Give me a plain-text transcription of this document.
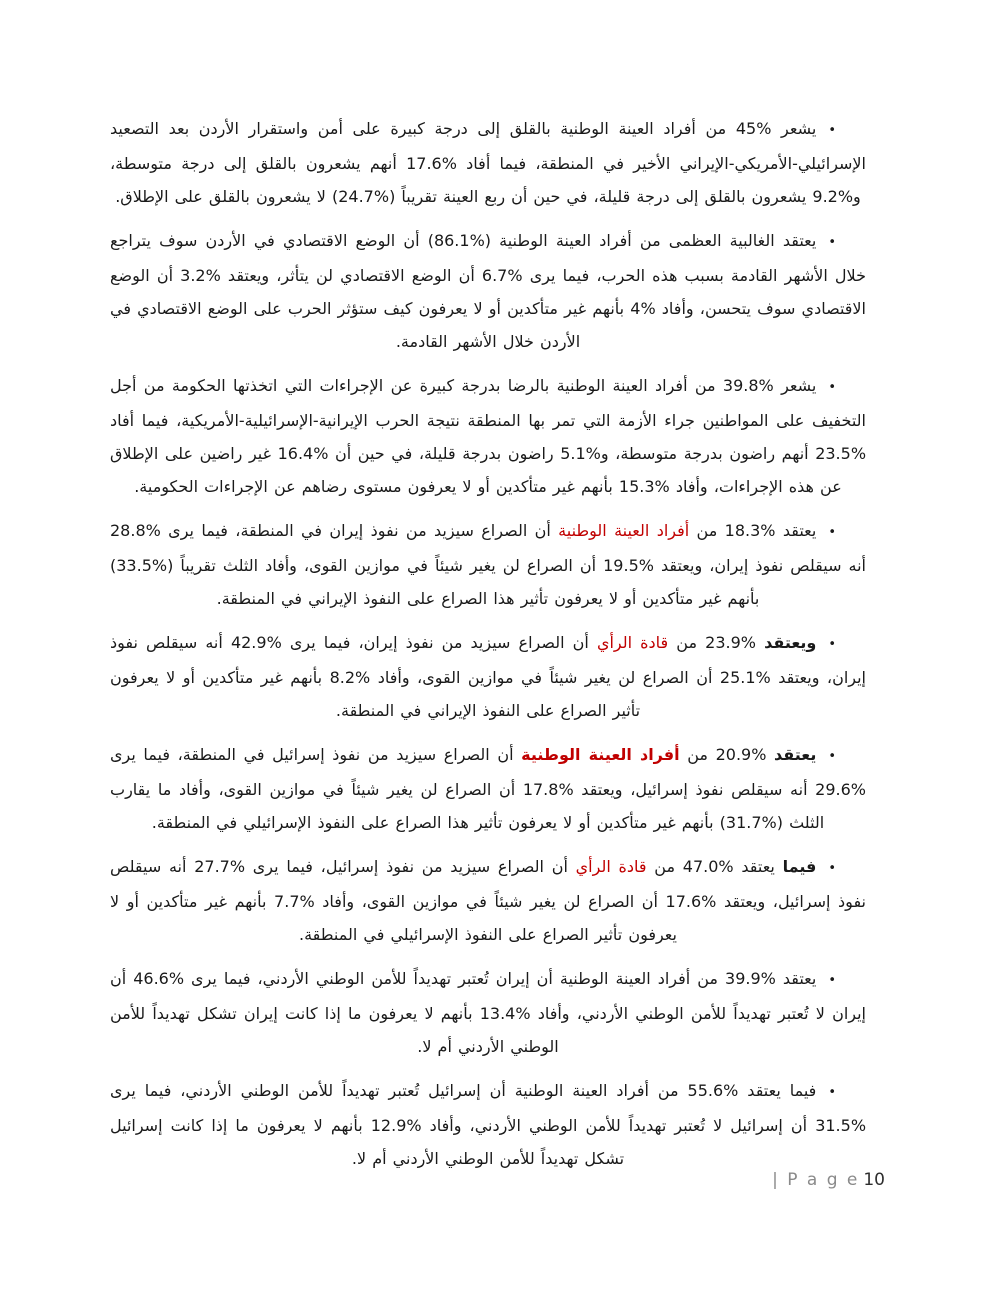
•يشعر %45 من أفراد العينة الوطنية بالقلق إلى درجة كبيرة على أمن واستقرار الأردن بعد التصعيد الإسرائيلي-الأمريكي-الإيراني الأخير في المنطقة، فيما أفاد %17.6 أنهم يشعرون بالقلق إلى درجة متوسطة، و%9.2 يشعرون بالقلق إلى درجة قليلة، في حين أن ربع العينة تقريباً (%24.7) لا يشعرون بالقلق على الإطلاق.
•يعتقد الغالبية العظمى من أفراد العينة الوطنية (%86.1) أن الوضع الاقتصادي في الأردن سوف يتراجع خلال الأشهر القادمة بسبب هذه الحرب، فيما يرى %6.7 أن الوضع الاقتصادي لن يتأثر، ويعتقد %3.2 أن الوضع الاقتصادي سوف يتحسن، وأفاد %4 بأنهم غير متأكدين أو لا يعرفون كيف ستؤثر الحرب على الوضع الاقتصادي في الأردن خلال الأشهر القادمة.
•يشعر %39.8 من أفراد العينة الوطنية بالرضا بدرجة كبيرة عن الإجراءات التي اتخذتها الحكومة من أجل التخفيف على المواطنين جراء الأزمة التي تمر بها المنطقة نتيجة الحرب الإيرانية-الإسرائيلية-الأمريكية، فيما أفاد %23.5 أنهم راضون بدرجة متوسطة، و%5.1 راضون بدرجة قليلة، في حين أن %16.4 غير راضين على الإطلاق عن هذه الإجراءات، وأفاد %15.3 بأنهم غير متأكدين أو لا يعرفون مستوى رضاهم عن الإجراءات الحكومية.
•يعتقد %18.3 من أفراد العينة الوطنية أن الصراع سيزيد من نفوذ إيران في المنطقة، فيما يرى %28.8 أنه سيقلص نفوذ إيران، ويعتقد %19.5 أن الصراع لن يغير شيئاً في موازين القوى، وأفاد الثلث تقريباً (%33.5) بأنهم غير متأكدين أو لا يعرفون تأثير هذا الصراع على النفوذ الإيراني في المنطقة.
•ويعتقد %23.9 من قادة الرأي أن الصراع سيزيد من نفوذ إيران، فيما يرى %42.9 أنه سيقلص نفوذ إيران، ويعتقد %25.1 أن الصراع لن يغير شيئاً في موازين القوى، وأفاد %8.2 بأنهم غير متأكدين أو لا يعرفون تأثير الصراع على النفوذ الإيراني في المنطقة.
•يعتقد %20.9 من أفراد العينة الوطنية أن الصراع سيزيد من نفوذ إسرائيل في المنطقة، فيما يرى %29.6 أنه سيقلص نفوذ إسرائيل، ويعتقد %17.8 أن الصراع لن يغير شيئاً في موازين القوى، وأفاد ما يقارب الثلث (%31.7) بأنهم غير متأكدين أو لا يعرفون تأثير هذا الصراع على النفوذ الإسرائيلي في المنطقة.
•فيما يعتقد %47.0 من قادة الرأي أن الصراع سيزيد من نفوذ إسرائيل، فيما يرى %27.7 أنه سيقلص نفوذ إسرائيل، ويعتقد %17.6 أن الصراع لن يغير شيئاً في موازين القوى، وأفاد %7.7 بأنهم غير متأكدين أو لا يعرفون تأثير الصراع على النفوذ الإسرائيلي في المنطقة.
•يعتقد %39.9 من أفراد العينة الوطنية أن إيران تُعتبر تهديداً للأمن الوطني الأردني، فيما يرى %46.6 أن إيران لا تُعتبر تهديداً للأمن الوطني الأردني، وأفاد %13.4 بأنهم لا يعرفون ما إذا كانت إيران تشكل تهديداً للأمن الوطني الأردني أم لا.
•فيما يعتقد %55.6 من أفراد العينة الوطنية أن إسرائيل تُعتبر تهديداً للأمن الوطني الأردني، فيما يرى %31.5 أن إسرائيل لا تُعتبر تهديداً للأمن الوطني الأردني، وأفاد %12.9 بأنهم لا يعرفون ما إذا كانت إسرائيل تشكل تهديداً للأمن الوطني الأردني أم لا.
| P a g e 10
